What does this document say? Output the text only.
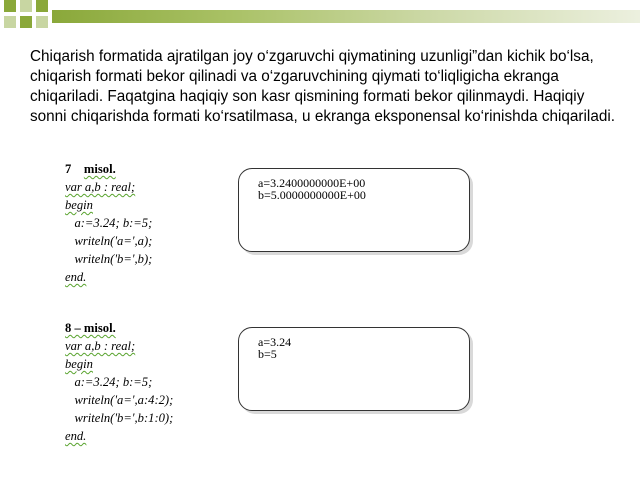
Chiqarish formatida ajratilgan joy o‘zgaruvchi qiymatining uzunligi”dan kichik bo‘lsa, chiqarish formati bekor qilinadi va o‘zgaruvchining qiymati to‘liqligicha ekranga chiqariladi. Faqatgina haqiqiy son kasr qismining formati bekor qilinmaydi. Haqiqiy sonni chiqarishda formati ko‘rsatilmasa, u ekranga eksponensal ko‘rinishda chiqariladi.

7 misol.
var a,b : real;
begin
a:=3.24; b:=5;
writeln('a=',a);
writeln('b=',b);
end.
a=3.2400000000E+00
b=5.0000000000E+00
8 – misol.
var a,b : real;
begin
a:=3.24; b:=5;
writeln('a=',a:4:2);
writeln('b=',b:1:0);
end.
a=3.24
b=5
